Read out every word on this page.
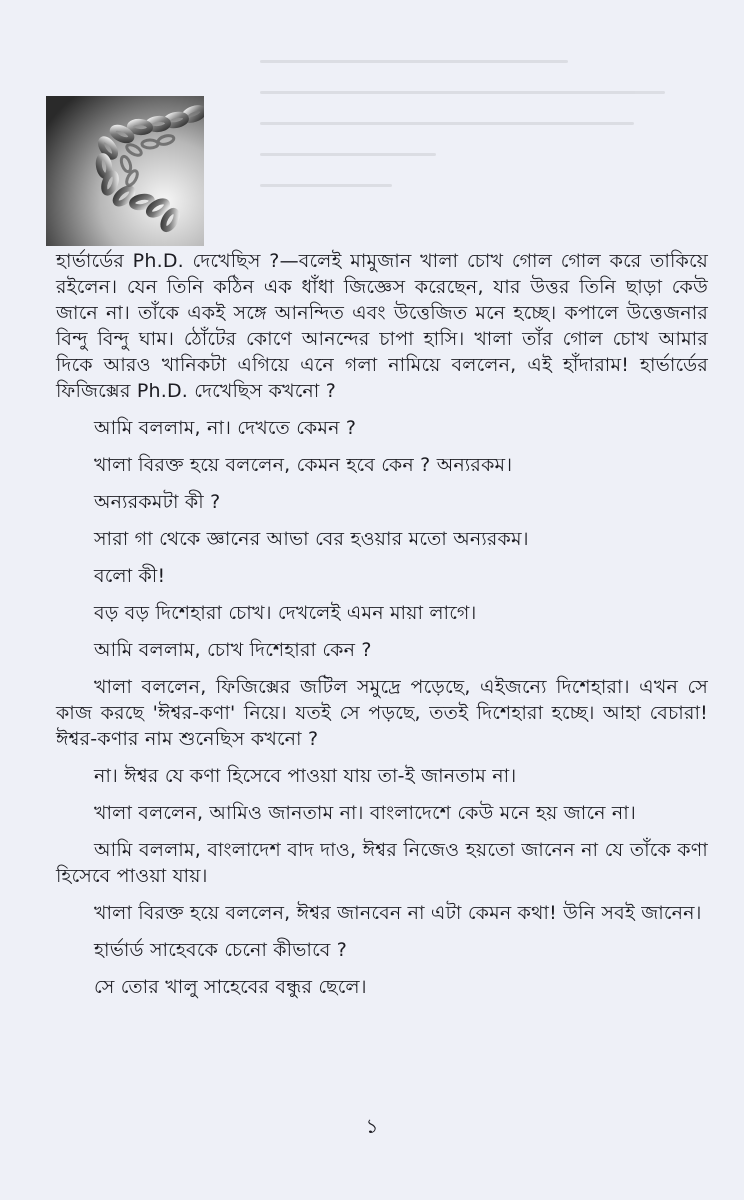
হার্ভার্ডের Ph.D. দেখেছিস ?—বলেই মামুজান খালা চোখ গোল গোল করে তাকিয়ে রইলেন। যেন তিনি কঠিন এক ধাঁধা জিজ্ঞেস করেছেন, যার উত্তর তিনি ছাড়া কেউ জানে না। তাঁকে একই সঙ্গে আনন্দিত এবং উত্তেজিত মনে হচ্ছে। কপালে উত্তেজনার বিন্দু বিন্দু ঘাম। ঠোঁটের কোণে আনন্দের চাপা হাসি। খালা তাঁর গোল চোখ আমার দিকে আরও খানিকটা এগিয়ে এনে গলা নামিয়ে বললেন, এই হাঁদারাম! হার্ভার্ডের ফিজিক্সের Ph.D. দেখেছিস কখনো ?

আমি বললাম, না। দেখতে কেমন ?

খালা বিরক্ত হয়ে বললেন, কেমন হবে কেন ? অন্যরকম।

অন্যরকমটা কী ?

সারা গা থেকে জ্ঞানের আভা বের হওয়ার মতো অন্যরকম।

বলো কী!

বড় বড় দিশেহারা চোখ। দেখলেই এমন মায়া লাগে।

আমি বললাম, চোখ দিশেহারা কেন ?

খালা বললেন, ফিজিক্সের জটিল সমুদ্রে পড়েছে, এইজন্যে দিশেহারা। এখন সে কাজ করছে 'ঈশ্বর-কণা' নিয়ে। যতই সে পড়ছে, ততই দিশেহারা হচ্ছে। আহা বেচারা! ঈশ্বর-কণার নাম শুনেছিস কখনো ?

না। ঈশ্বর যে কণা হিসেবে পাওয়া যায় তা-ই জানতাম না।

খালা বললেন, আমিও জানতাম না। বাংলাদেশে কেউ মনে হয় জানে না।

আমি বললাম, বাংলাদেশ বাদ দাও, ঈশ্বর নিজেও হয়তো জানেন না যে তাঁকে কণা হিসেবে পাওয়া যায়।

খালা বিরক্ত হয়ে বললেন, ঈশ্বর জানবেন না এটা কেমন কথা! উনি সবই জানেন।

হার্ভার্ড সাহেবকে চেনো কীভাবে ?

সে তোর খালু সাহেবের বন্ধুর ছেলে।

১
